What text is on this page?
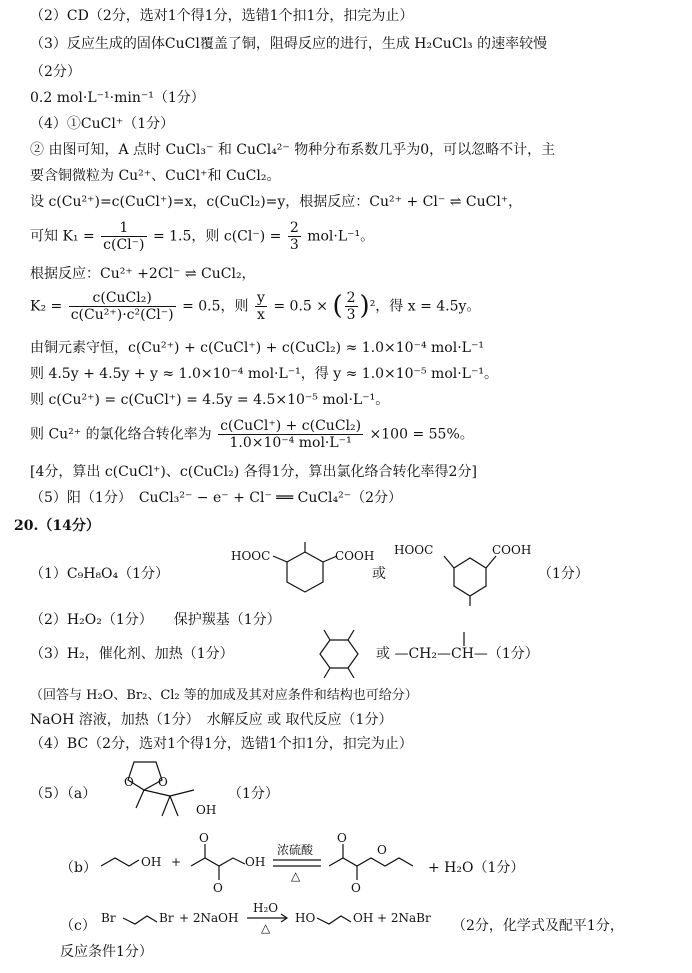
（2）CD（2分，选对1个得1分，选错1个扣1分，扣完为止）
（3）反应生成的固体CuCl覆盖了铜，阻碍反应的进行，生成 H₂CuCl₃ 的速率较慢
（2分）
0.2 mol·L⁻¹·min⁻¹（1分）
（4）①CuCl⁺（1分）
② 由图可知，A 点时 CuCl₃⁻ 和 CuCl₄²⁻ 物种分布系数几乎为0，可以忽略不计，主
要含铜微粒为 Cu²⁺、CuCl⁺和 CuCl₂。
设 c(Cu²⁺)=c(CuCl⁺)=x，c(CuCl₂)=y，根据反应：Cu²⁺ + Cl⁻ ⇌ CuCl⁺，
可知 $K_1 = \frac{1}{c(Cl^-)} = 1.5$，则 $c(Cl^-) = \frac{2}{3} mol\cdot L^{-1}$。
根据反应：Cu²⁺ +2Cl⁻ ⇌ CuCl₂，
$K_2 = \frac{\text{c(CuCl₂)}}{\text{c(Cu²⁺)·c²(Cl⁻)}} = 0.5$，则 $\frac{y}{x} = 0.5$ × ( $\frac{2}{3} )^2$，得 x = 4.5y。
由铜元素守恒，c(Cu²⁺) + c(CuCl⁺) + c(CuCl₂) ≈ 1.0×10⁻⁴ mol·L⁻¹
则 4.5y + 4.5y + y ≈ 1.0×10⁻⁴ mol·L⁻¹，得 y ≈ 1.0×10⁻⁵ mol·L⁻¹。
则 c(Cu²⁺) = c(CuCl⁺) = 4.5y = 4.5×10⁻⁵ mol·L⁻¹。
则 Cu²⁺ 的氯化络合转化率为 $\frac{\text{c(CuCl⁺) + c(CuCl₂)}}{\text{1.0×10⁻⁴ mol·L⁻¹}} \times 100 = 55\%$。
[4分，算出 c(CuCl⁺)、c(CuCl₂) 各得1分，算出氯化络合转化率得2分]
（5）阳（1分）　CuCl₃²⁻ − e⁻ + Cl⁻ ══ CuCl₄²⁻（2分）
20.（14分）
（1）C₉H₈O₄（1分）
HOOC	COOH
或
HOOC	COOH
（1分）
（2）H₂O₂（1分）　　保护羰基（1分）
（3）H₂，催化剂、加热（1分）	或 —CH₂—CH—（1分）
（回答与 H₂O、Br₂、Cl₂ 等的加成及其对应条件和结构也可给分）
NaOH 溶液，加热（1分）　水解反应 或 取代反应（1分）
（4）BC（2分，选对1个得1分，选错1个扣1分，扣完为止）
（5）（a）
O O
OH
（1分）
（b）	OH +
O
O
OH
浓硫酸
△
O
O
O
+ H₂O（1分）
（c） Br	Br + 2NaOH
H₂O
△
HO	OH + 2NaBr （2分，化学式及配平1分，
反应条件1分）
